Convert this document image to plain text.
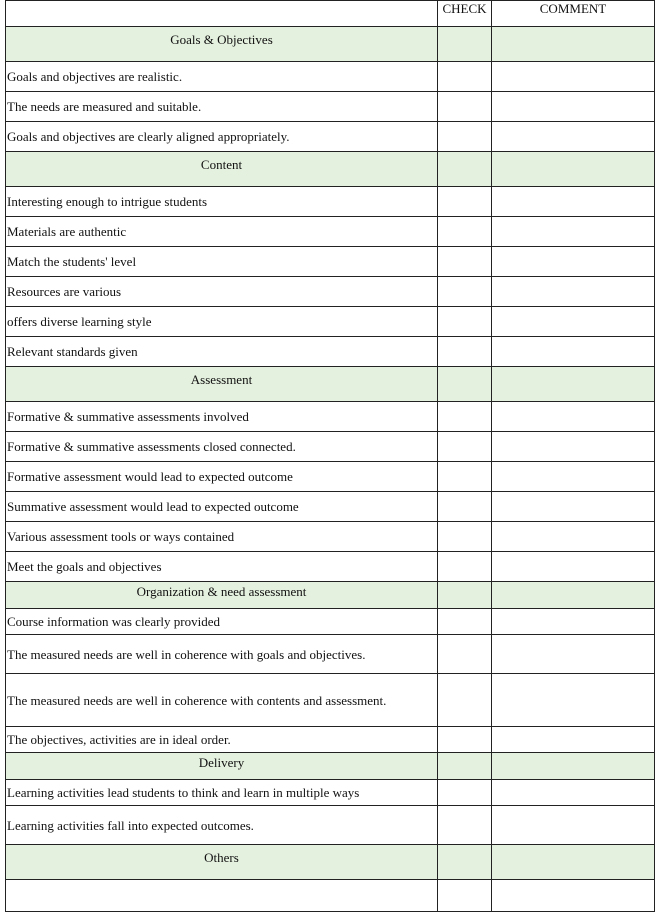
	CHECK	COMMENT
Goals & Objectives		
Goals and objectives are realistic.		
The needs are measured and suitable.		
Goals and objectives are clearly aligned appropriately.		
Content		
Interesting enough to intrigue students		
Materials are authentic		
Match the students' level		
Resources are various		
offers diverse learning style		
Relevant standards given		
Assessment		
Formative & summative assessments involved		
Formative & summative assessments closed connected.		
Formative assessment would lead to expected outcome		
Summative assessment would lead to expected outcome		
Various assessment tools or ways contained		
Meet the goals and objectives		
Organization & need assessment		
Course information was clearly provided		
The measured needs are well in coherence with goals and objectives.		
The measured needs are well in coherence with contents and assessment.		
The objectives, activities are in ideal order.		
Delivery		
Learning activities lead students to think and learn in multiple ways		
Learning activities fall into expected outcomes.		
Others		
